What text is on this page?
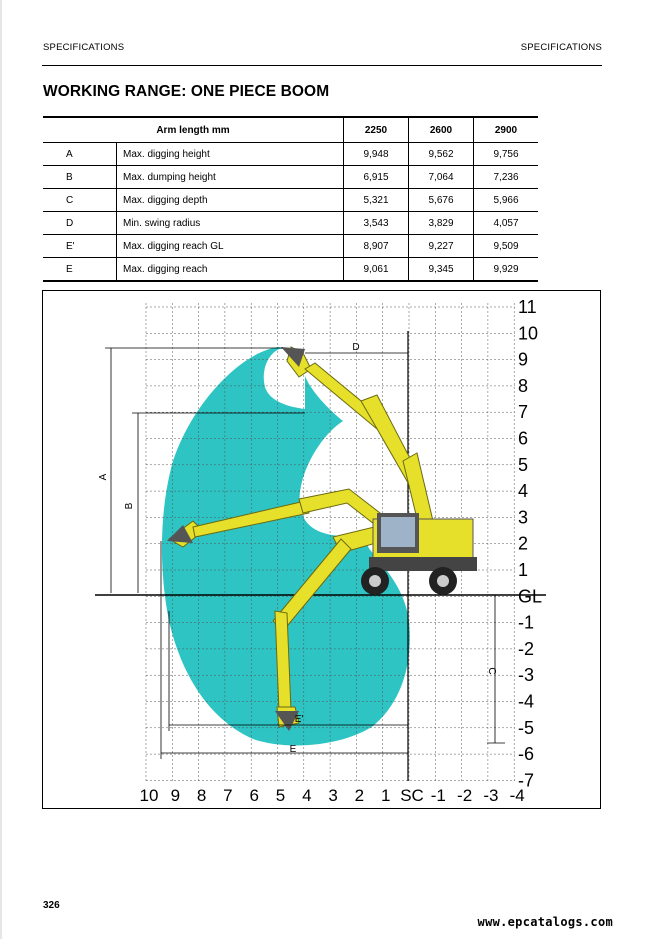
SPECIFICATIONS	SPECIFICATIONS
WORKING RANGE: ONE PIECE BOOM
Arm length mm		2250	2600	2900
A	Max. digging height	9,948	9,562	9,756
B	Max. dumping height	6,915	7,064	7,236
C	Max. digging depth	5,321	5,676	5,966
D	Min. swing radius	3,543	3,829	4,057
E'	Max. digging reach GL	8,907	9,227	9,509
E	Max. digging reach	9,061	9,345	9,929
11
10
9
8
7
6
5
4
3
2
1
GL
-1
-2
-3
-4
-5
-6
-7
10 9 8 7 6 5 4 3 2 1 SC -1 -2 -3 -4
A
B
C
D
E'
E
326
www.epcatalogs.com
